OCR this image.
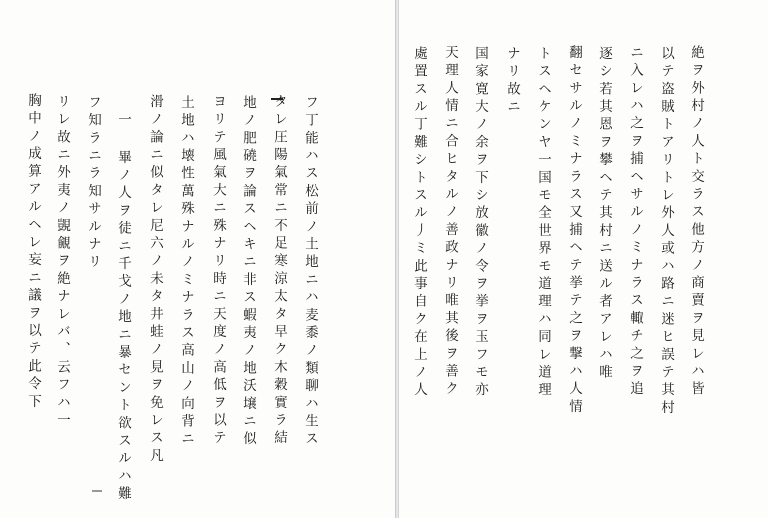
胸中ノ成算アルヘレ妄ニ議ヲ以テ此令下 リレ故ニ外夷ノ覬覦ヲ絶ナレバ、云フハ一 フ知ラニラ知サルナリ 一 畢ノ人ヲ徒ニ千戈ノ地ニ暴セント欲スルハ難 滑ノ論ニ似タレ尼六ノ未タ井蛙ノ見ヲ免レス凡 土地ハ壊性萬殊ナルノミナラス高山ノ向背ニ ヨリテ風氣大ニ殊ナリ時ニ天度ノ高低ヲ以テ 地ノ肥磽ヲ論スヘキニ非ス蝦夷ノ地沃壌ニ似 タレ圧陽氣常ニ不足寒涼太タ早ク木穀實ラ結 フ丁能ハス松前ノ土地ニハ麦黍ノ類聊ハ生ス	絶ヲ外村ノ人ト交ラス他方ノ商賣ヲ見レハ皆
以テ盗賊トアリトレ外人或ハ路ニ迷ヒ誤テ其村
ニ入レハ之ヲ捕ヘサルノミナラス輙チ之ヲ追
逐シ若其恩ヲ攀ヘテ其村ニ送ル者アレハ唯
翻セサルノミナラス又捕ヘテ挙テ之ヲ撃ハ人情
トスヘケンヤ一国モ全世界モ道理ハ同レ道理
ナリ故ニ
国家寛大ノ余ヲ下シ放徽ノ令ヲ挙ヲ玉フモ亦
天理人情ニ合ヒタルノ善政ナリ唯其後ヲ善ク
處置スル丁難シトスル丿ミ此事自ク在上ノ人
